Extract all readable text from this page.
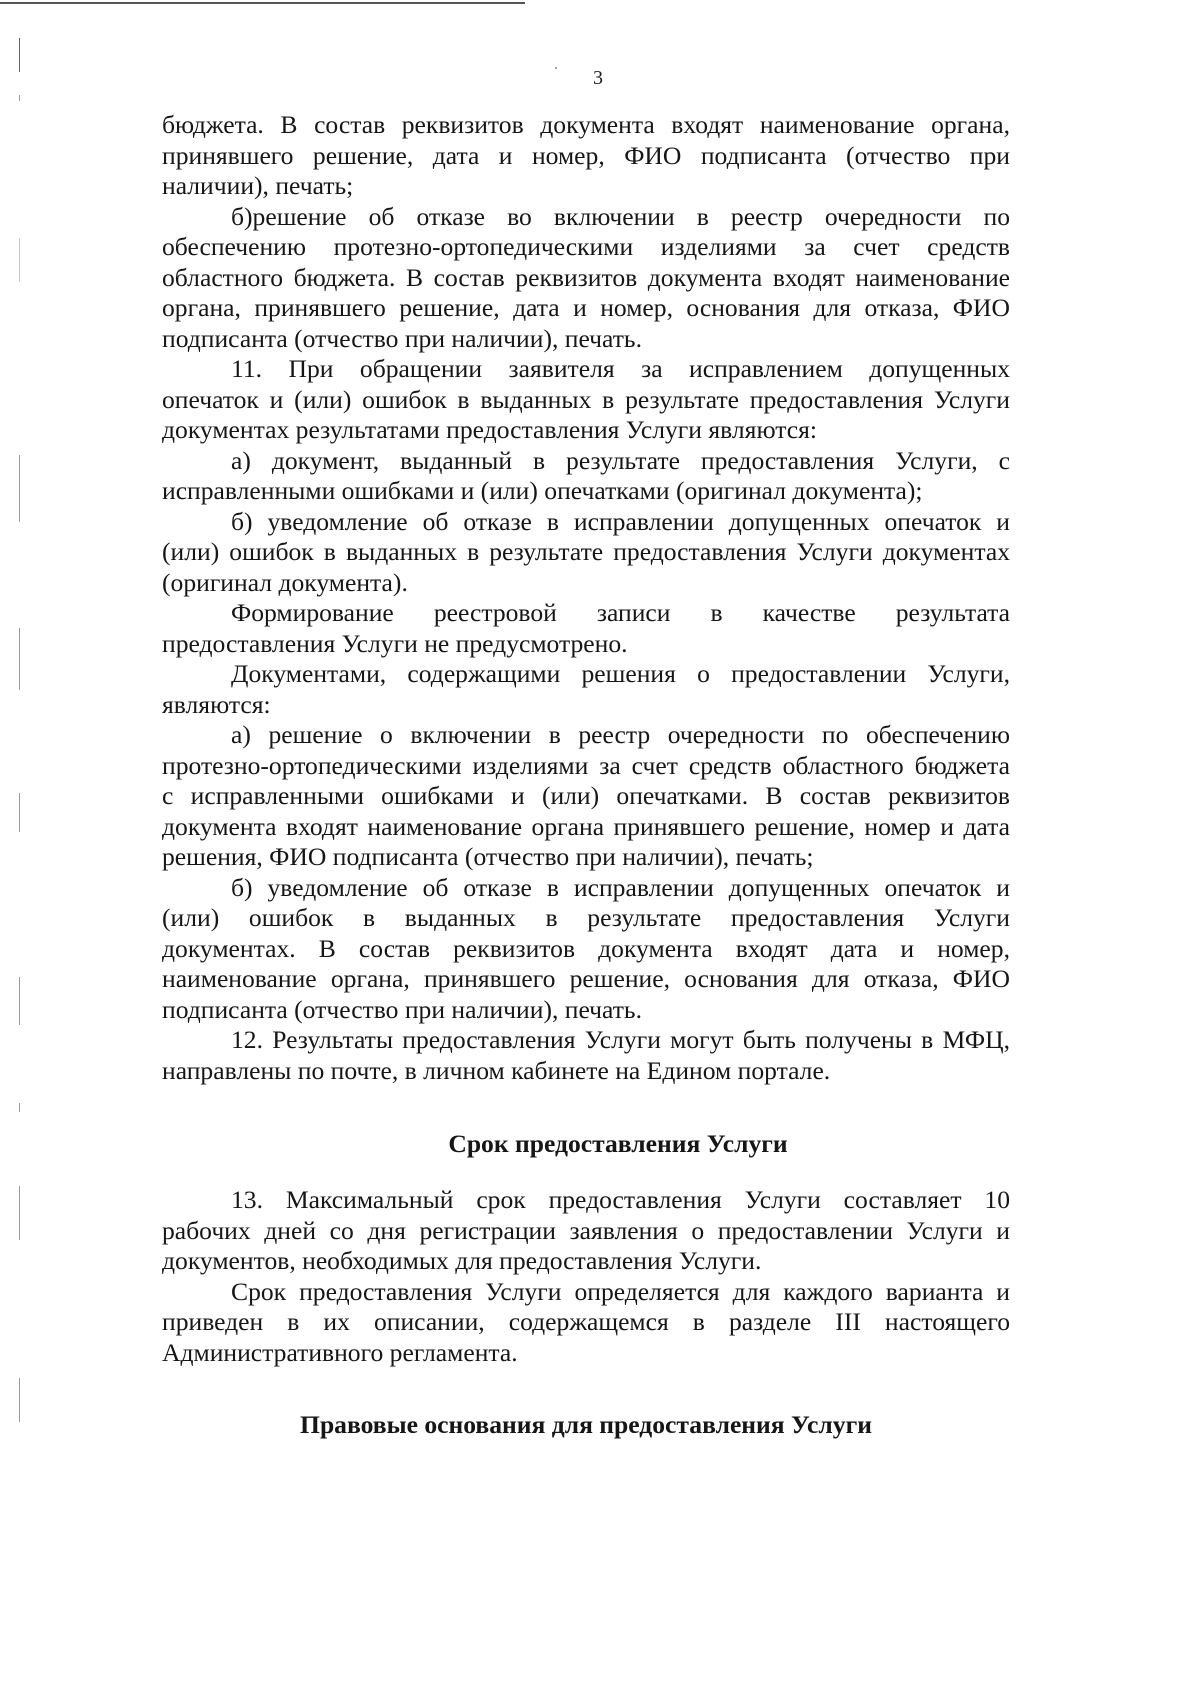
3
бюджета. В состав реквизитов документа входят наименование органа,
принявшего решение, дата и номер, ФИО подписанта (отчество при
наличии), печать;
б)решение об отказе во включении в реестр очередности по
обеспечению протезно-ортопедическими изделиями за счет средств
областного бюджета. В состав реквизитов документа входят наименование
органа, принявшего решение, дата и номер, основания для отказа, ФИО
подписанта (отчество при наличии), печать.
11. При обращении заявителя за исправлением допущенных
опечаток и (или) ошибок в выданных в результате предоставления Услуги
документах результатами предоставления Услуги являются:
а) документ, выданный в результате предоставления Услуги, с
исправленными ошибками и (или) опечатками (оригинал документа);
б) уведомление об отказе в исправлении допущенных опечаток и
(или) ошибок в выданных в результате предоставления Услуги документах
(оригинал документа).
Формирование реестровой записи в качестве результата
предоставления Услуги не предусмотрено.
Документами, содержащими решения о предоставлении Услуги,
являются:
а) решение о включении в реестр очередности по обеспечению
протезно-ортопедическими изделиями за счет средств областного бюджета
с исправленными ошибками и (или) опечатками. В состав реквизитов
документа входят наименование органа принявшего решение, номер и дата
решения, ФИО подписанта (отчество при наличии), печать;
б) уведомление об отказе в исправлении допущенных опечаток и
(или) ошибок в выданных в результате предоставления Услуги
документах. В состав реквизитов документа входят дата и номер,
наименование органа, принявшего решение, основания для отказа, ФИО
подписанта (отчество при наличии), печать.
12. Результаты предоставления Услуги могут быть получены в МФЦ,
направлены по почте, в личном кабинете на Едином портале.
Срок предоставления Услуги
13. Максимальный срок предоставления Услуги составляет 10
рабочих дней со дня регистрации заявления о предоставлении Услуги и
документов, необходимых для предоставления Услуги.
Срок предоставления Услуги определяется для каждого варианта и
приведен в их описании, содержащемся в разделе III настоящего
Административного регламента.
Правовые основания для предоставления Услуги
